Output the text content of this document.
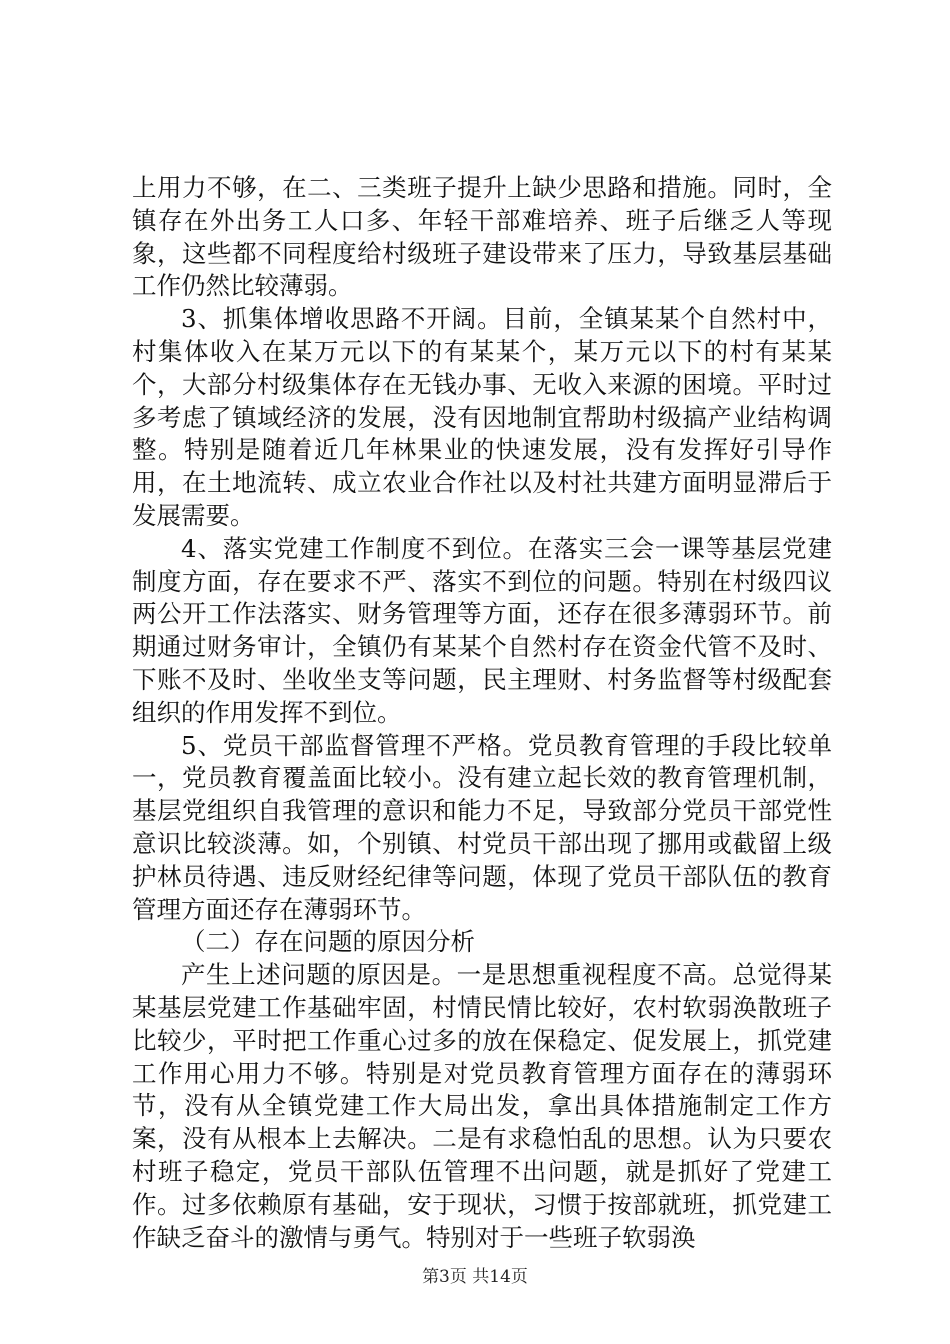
上用力不够，在二、三类班子提升上缺少思路和措施。同时，全镇存在外出务工人口多、年轻干部难培养、班子后继乏人等现象，这些都不同程度给村级班子建设带来了压力，导致基层基础工作仍然比较薄弱。

3、抓集体增收思路不开阔。目前，全镇某某个自然村中，村集体收入在某万元以下的有某某个，某万元以下的村有某某个，大部分村级集体存在无钱办事、无收入来源的困境。平时过多考虑了镇域经济的发展，没有因地制宜帮助村级搞产业结构调整。特别是随着近几年林果业的快速发展，没有发挥好引导作用，在土地流转、成立农业合作社以及村社共建方面明显滞后于发展需要。

4、落实党建工作制度不到位。在落实三会一课等基层党建制度方面，存在要求不严、落实不到位的问题。特别在村级四议两公开工作法落实、财务管理等方面，还存在很多薄弱环节。前期通过财务审计，全镇仍有某某个自然村存在资金代管不及时、下账不及时、坐收坐支等问题，民主理财、村务监督等村级配套组织的作用发挥不到位。

5、党员干部监督管理不严格。党员教育管理的手段比较单一，党员教育覆盖面比较小。没有建立起长效的教育管理机制，基层党组织自我管理的意识和能力不足，导致部分党员干部党性意识比较淡薄。如，个别镇、村党员干部出现了挪用或截留上级护林员待遇、违反财经纪律等问题，体现了党员干部队伍的教育管理方面还存在薄弱环节。

（二）存在问题的原因分析

产生上述问题的原因是。一是思想重视程度不高。总觉得某某基层党建工作基础牢固，村情民情比较好，农村软弱涣散班子比较少，平时把工作重心过多的放在保稳定、促发展上，抓党建工作用心用力不够。特别是对党员教育管理方面存在的薄弱环节，没有从全镇党建工作大局出发，拿出具体措施制定工作方案，没有从根本上去解决。二是有求稳怕乱的思想。认为只要农村班子稳定，党员干部队伍管理不出问题，就是抓好了党建工作。过多依赖原有基础，安于现状，习惯于按部就班，抓党建工作缺乏奋斗的激情与勇气。特别对于一些班子软弱涣

第3页 共14页
